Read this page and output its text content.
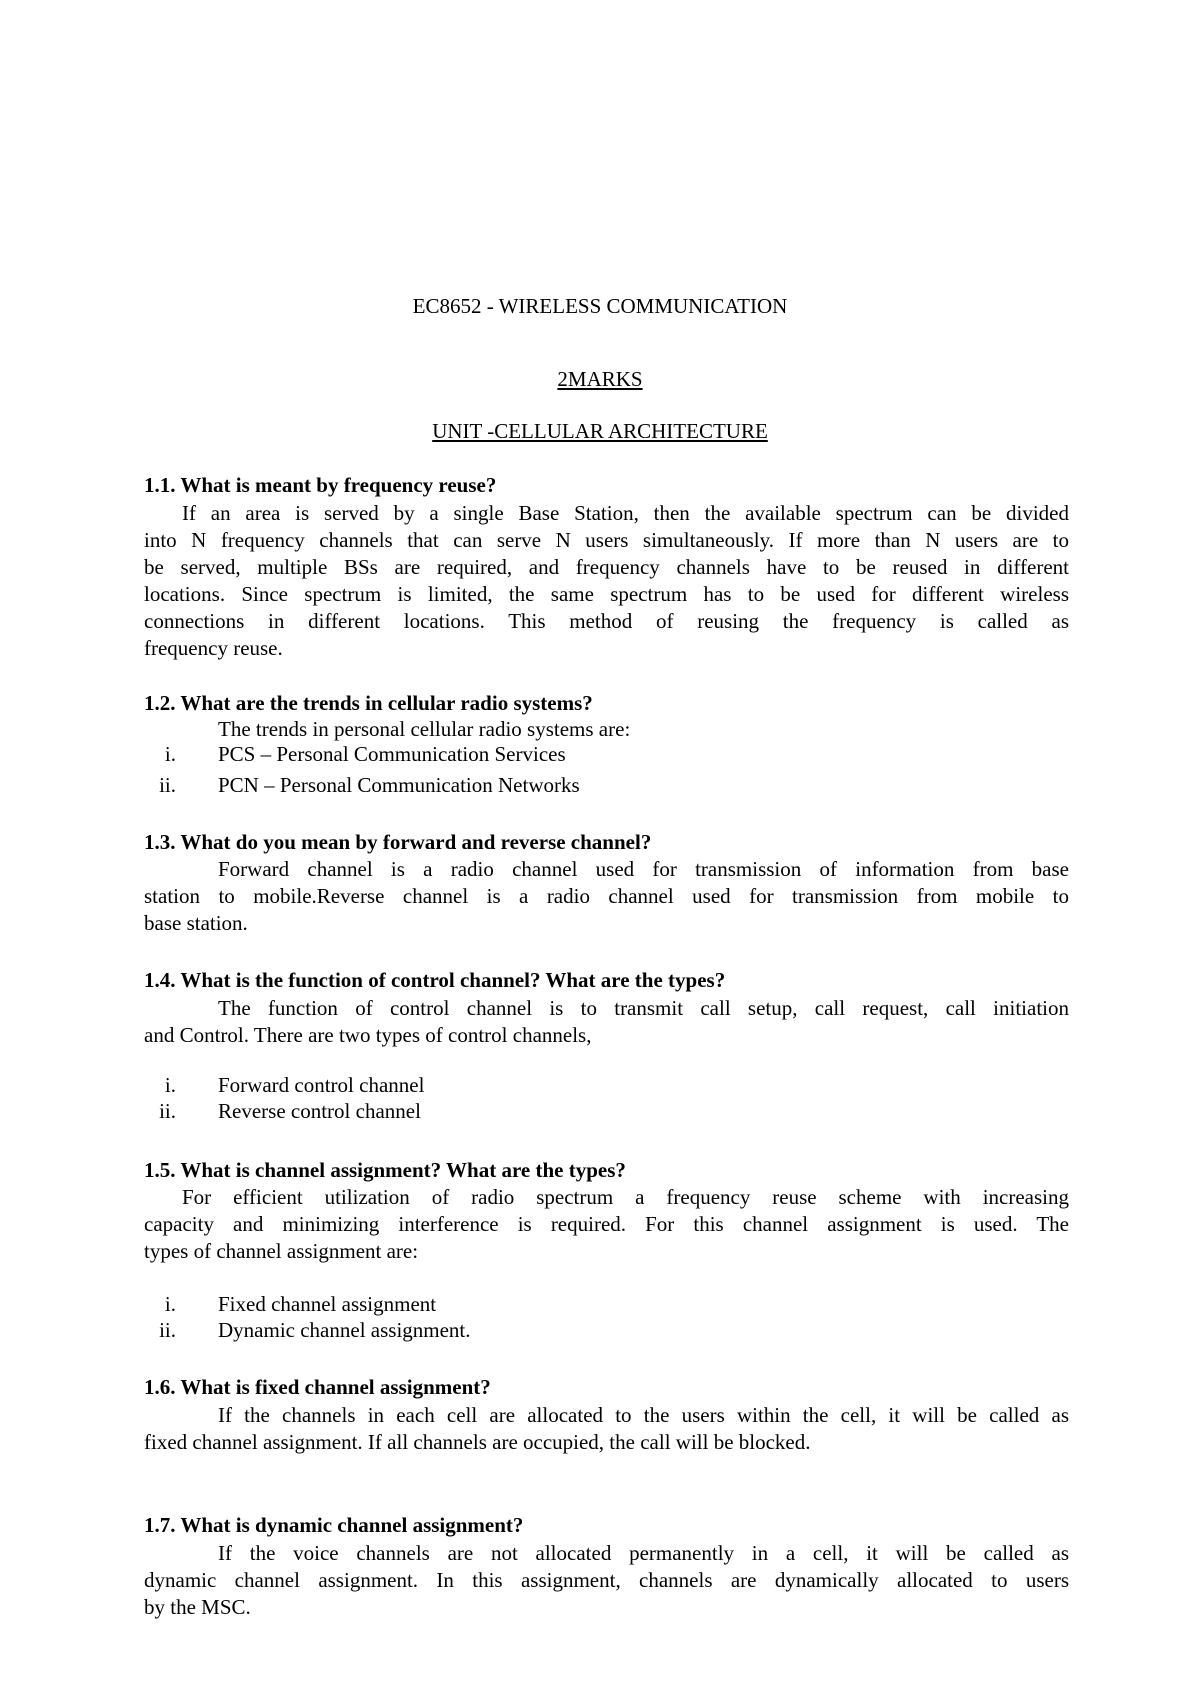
EC8652 - WIRELESS COMMUNICATION
2MARKS
UNIT -CELLULAR ARCHITECTURE
1.1. What is meant by frequency reuse?
If an area is served by a single Base Station, then the available spectrum can be divided
into N frequency channels that can serve N users simultaneously. If more than N users are to
be served, multiple BSs are required, and frequency channels have to be reused in different
locations. Since spectrum is limited, the same spectrum has to be used for different wireless
connections in different locations. This method of reusing the frequency is called as
frequency reuse.
1.2. What are the trends in cellular radio systems?
The trends in personal cellular radio systems are:
i. PCS – Personal Communication Services
ii. PCN – Personal Communication Networks
1.3. What do you mean by forward and reverse channel?
Forward channel is a radio channel used for transmission of information from base
station to mobile.Reverse channel is a radio channel used for transmission from mobile to
base station.
1.4. What is the function of control channel? What are the types?
The function of control channel is to transmit call setup, call request, call initiation
and Control. There are two types of control channels,
i. Forward control channel
ii. Reverse control channel
1.5. What is channel assignment? What are the types?
For efficient utilization of radio spectrum a frequency reuse scheme with increasing
capacity and minimizing interference is required. For this channel assignment is used. The
types of channel assignment are:
i. Fixed channel assignment
ii. Dynamic channel assignment.
1.6. What is fixed channel assignment?
If the channels in each cell are allocated to the users within the cell, it will be called as
fixed channel assignment. If all channels are occupied, the call will be blocked.
1.7. What is dynamic channel assignment?
If the voice channels are not allocated permanently in a cell, it will be called as
dynamic channel assignment. In this assignment, channels are dynamically allocated to users
by the MSC.
